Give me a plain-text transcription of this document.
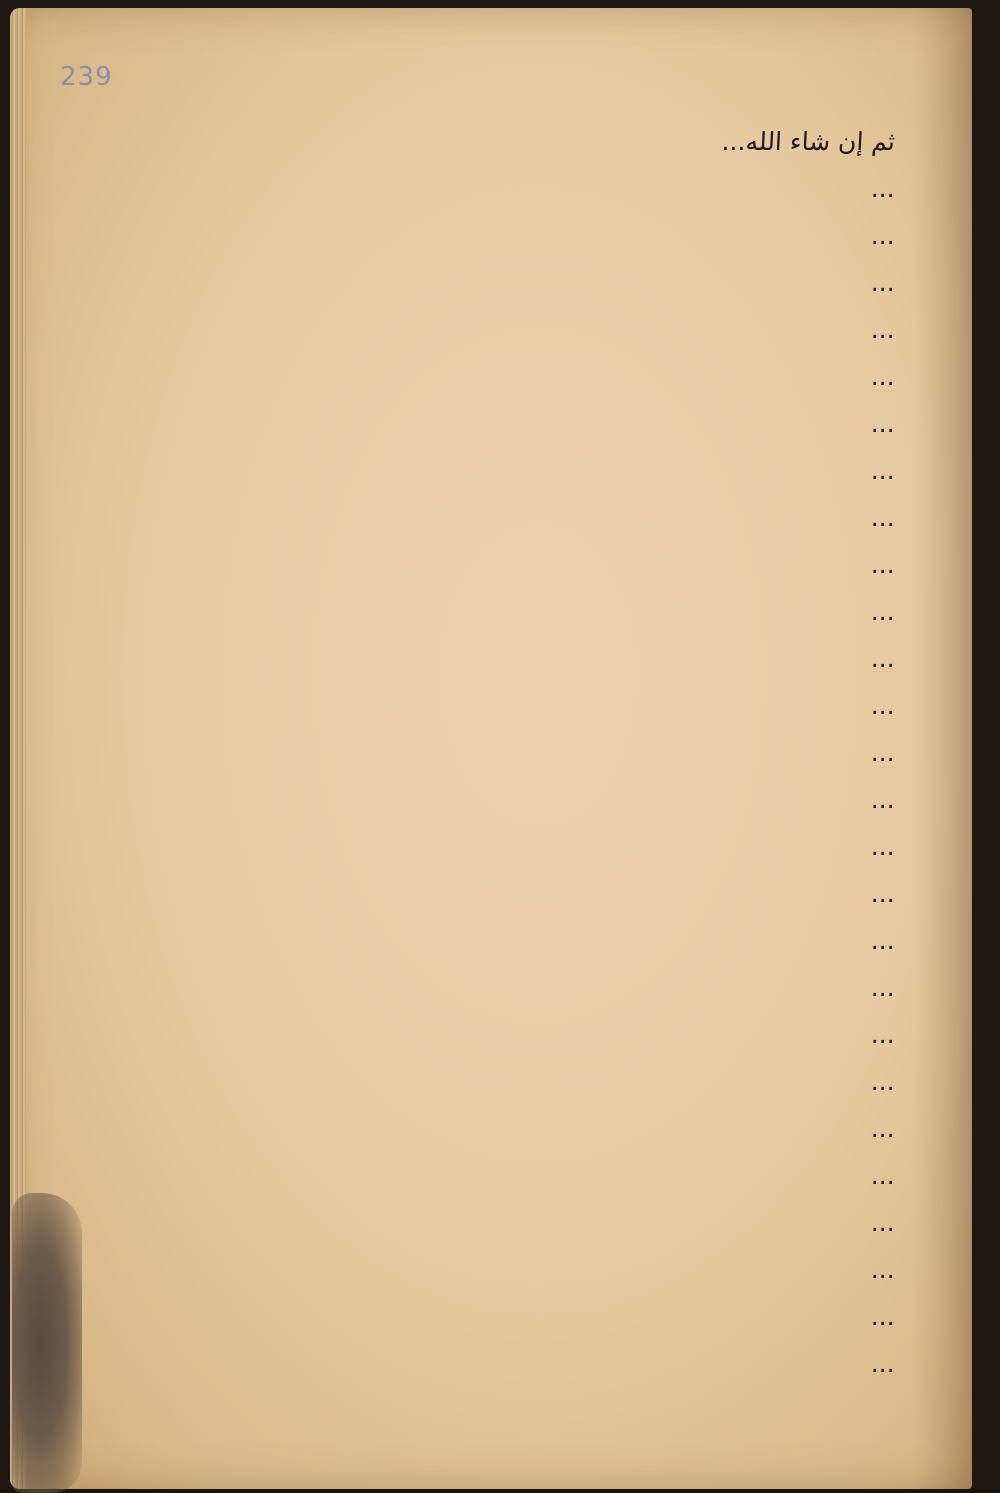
239
ثم إن شاء الله...
...
...
...
...
...
...
...
...
...
...
...
...
...
...
...
...
...
...
...
...
...
...
...
...
...
...
